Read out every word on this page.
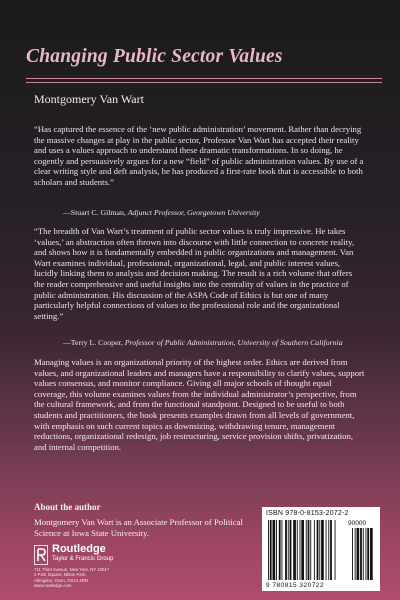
Changing Public Sector Values
Montgomery Van Wart
“Has captured the essence of the ‘new public administration’ movement. Rather than decrying the massive changes at play in the public sector, Professor Van Wart has accepted their reality and uses a values approach to understand these dramatic transformations. In so doing, he cogently and persuasively argues for a new “field” of public administration values. By use of a clear writing style and deft analysis, he has produced a first-rate book that is accessible to both scholars and students.”
—Stuart C. Gilman, Adjunct Professor, Georgetown University
“The breadth of Van Wart’s treatment of public sector values is truly impressive. He takes ‘values,’ an abstraction often thrown into discourse with little connection to concrete reality, and shows how it is fundamentally embedded in public organizations and management. Van Wart examines individual, professional, organizational, legal, and public interest values, lucidly linking them to analysis and decision making. The result is a rich volume that offers the reader comprehensive and useful insights into the centrality of values in the practice of public administration. His discussion of the ASPA Code of Ethics is but one of many particularly helpful connections of values to the professional role and the organizational setting.”
—Terry L. Cooper, Professor of Public Administration, University of Southern California
Managing values is an organizational priority of the highest order. Ethics are derived from values, and organizational leaders and managers have a responsibility to clarify values, support values consensus, and monitor compliance. Giving all major schools of thought equal coverage, this volume examines values from the individual administrator’s perspective, from the cultural framework, and from the functional standpoint. Designed to be useful to both students and practitioners, the book presents examples drawn from all levels of government, with emphasis on such current topics as downsizing, withdrawing tenure, management reductions, organizational redesign, job restructuring, service provision shifts, privatization, and internal competition.
About the author
Montgomery Van Wart is an Associate Professor of Political Science at Iowa State University.
Routledge
Taylor & Francis Group
711 Third Avenue, New York, NY 10017
2 Park Square, Milton Park,
Abingdon, Oxon, OX14 4RN
www.routledge.com
ISBN 978-0-8153-2072-2
90000
9 780815 320722
